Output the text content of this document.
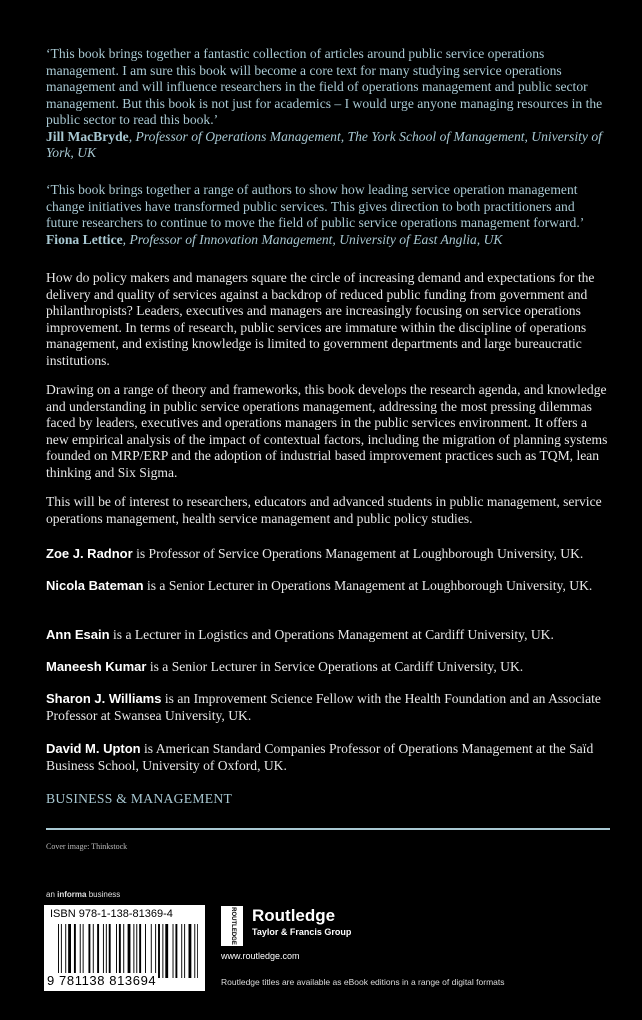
‘This book brings together a fantastic collection of articles around public service operations management. I am sure this book will become a core text for many studying service operations management and will influence researchers in the field of operations management and public sector management. But this book is not just for academics – I would urge anyone managing resources in the public sector to read this book.’
Jill MacBryde, Professor of Operations Management, The York School of Management, University of York, UK
‘This book brings together a range of authors to show how leading service operation management change initiatives have transformed public services. This gives direction to both practitioners and future researchers to continue to move the field of public service operations management forward.’
Fiona Lettice, Professor of Innovation Management, University of East Anglia, UK
How do policy makers and managers square the circle of increasing demand and expectations for the delivery and quality of services against a backdrop of reduced public funding from government and philanthropists? Leaders, executives and managers are increasingly focusing on service operations improvement. In terms of research, public services are immature within the discipline of operations management, and existing knowledge is limited to government departments and large bureaucratic institutions.
Drawing on a range of theory and frameworks, this book develops the research agenda, and knowledge and understanding in public service operations management, addressing the most pressing dilemmas faced by leaders, executives and operations managers in the public services environment. It offers a new empirical analysis of the impact of contextual factors, including the migration of planning systems founded on MRP/ERP and the adoption of industrial based improvement practices such as TQM, lean thinking and Six Sigma.
This will be of interest to researchers, educators and advanced students in public management, service operations management, health service management and public policy studies.
Zoe J. Radnor is Professor of Service Operations Management at Loughborough University, UK.
Nicola Bateman is a Senior Lecturer in Operations Management at Loughborough University, UK.
Ann Esain is a Lecturer in Logistics and Operations Management at Cardiff University, UK.
Maneesh Kumar is a Senior Lecturer in Service Operations at Cardiff University, UK.
Sharon J. Williams is an Improvement Science Fellow with the Health Foundation and an Associate Professor at Swansea University, UK.
David M. Upton is American Standard Companies Professor of Operations Management at the Saïd Business School, University of Oxford, UK.
BUSINESS & MANAGEMENT
Cover image: Thinkstock
an informa business
ISBN 978-1-138-81369-4
9 781138 813694
ROUTLEDGE Routledge
Taylor & Francis Group
www.routledge.com
Routledge titles are available as eBook editions in a range of digital formats
